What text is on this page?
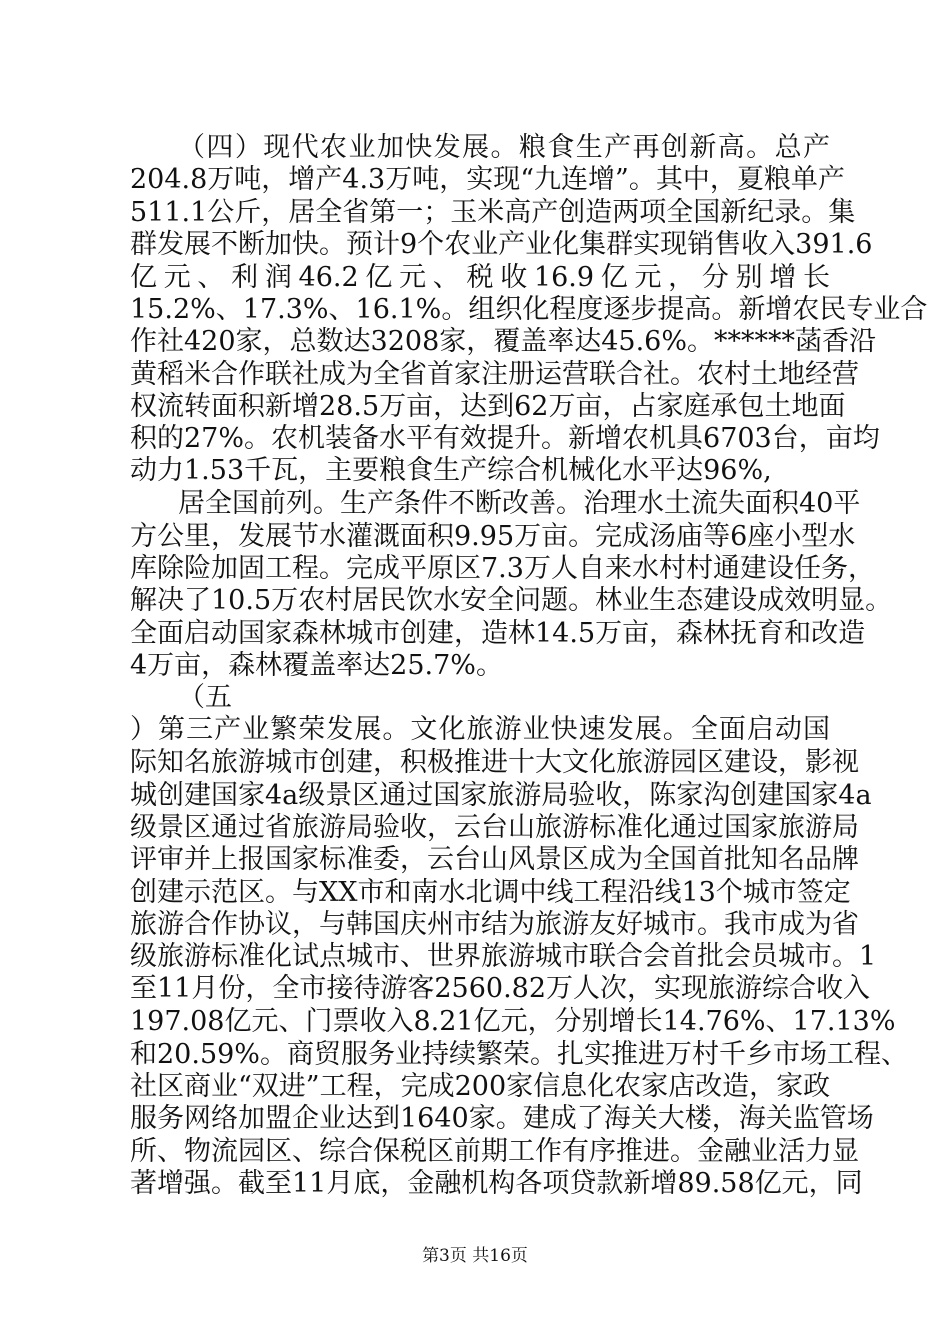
（四）现代农业加快发展。粮食生产再创新高。总产
204.8万吨，增产4.3万吨，实现“九连增”。其中，夏粮单产
511.1公斤，居全省第一；玉米高产创造两项全国新纪录。集
群发展不断加快。预计9个农业产业化集群实现销售收入391.6
亿元、利润46.2亿元、税收16.9亿元，分别增长
15.2%、17.3%、16.1%。组织化程度逐步提高。新增农民专业合
作社420家，总数达3208家，覆盖率达45.6%。******菡香沿
黄稻米合作联社成为全省首家注册运营联合社。农村土地经营
权流转面积新增28.5万亩，达到62万亩，占家庭承包土地面
积的27%。农机装备水平有效提升。新增农机具6703台，亩均
动力1.53千瓦，主要粮食生产综合机械化水平达96%,
居全国前列。生产条件不断改善。治理水土流失面积40平
方公里，发展节水灌溉面积9.95万亩。完成汤庙等6座小型水
库除险加固工程。完成平原区7.3万人自来水村村通建设任务，
解决了10.5万农村居民饮水安全问题。林业生态建设成效明显。
全面启动国家森林城市创建，造林14.5万亩，森林抚育和改造
4万亩，森林覆盖率达25.7%。
（五
）第三产业繁荣发展。文化旅游业快速发展。全面启动国
际知名旅游城市创建，积极推进十大文化旅游园区建设，影视
城创建国家4a级景区通过国家旅游局验收，陈家沟创建国家4a
级景区通过省旅游局验收，云台山旅游标准化通过国家旅游局
评审并上报国家标准委，云台山风景区成为全国首批知名品牌
创建示范区。与XX市和南水北调中线工程沿线13个城市签定
旅游合作协议，与韩国庆州市结为旅游友好城市。我市成为省
级旅游标准化试点城市、世界旅游城市联合会首批会员城市。1
至11月份，全市接待游客2560.82万人次，实现旅游综合收入
197.08亿元、门票收入8.21亿元，分别增长14.76%、17.13%
和20.59%。商贸服务业持续繁荣。扎实推进万村千乡市场工程、
社区商业“双进”工程，完成200家信息化农家店改造，家政
服务网络加盟企业达到1640家。建成了海关大楼，海关监管场
所、物流园区、综合保税区前期工作有序推进。金融业活力显
著增强。截至11月底，金融机构各项贷款新增89.58亿元，同
第3页 共16页
